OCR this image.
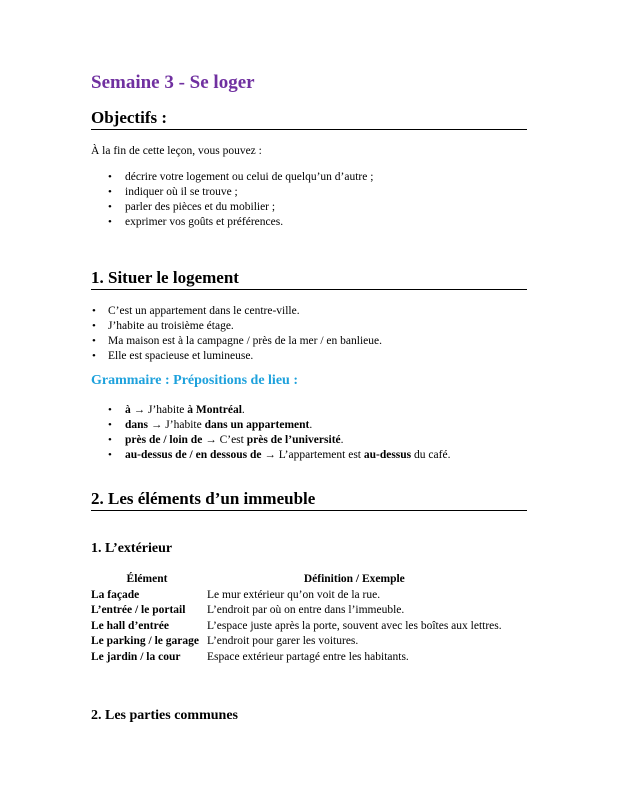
Semaine 3 - Se loger
Objectifs :

À la fin de cette leçon, vous pouvez :

• décrire votre logement ou celui de quelqu’un d’autre ;
• indiquer où il se trouve ;
• parler des pièces et du mobilier ;
• exprimer vos goûts et préférences.
1. Situer le logement
• C’est un appartement dans le centre-ville.
• J’habite au troisième étage.
• Ma maison est à la campagne / près de la mer / en banlieue.
• Elle est spacieuse et lumineuse.
Grammaire : Prépositions de lieu :
• à → J’habite à Montréal.
• dans → J’habite dans un appartement.
• près de / loin de → C’est près de l’université.
• au-dessus de / en dessous de → L’appartement est au-dessus du café.
2. Les éléments d’un immeuble
1. L’extérieur
Élément	Définition / Exemple
La façade	Le mur extérieur qu’on voit de la rue.
L’entrée / le portail	L’endroit par où on entre dans l’immeuble.
Le hall d’entrée	L’espace juste après la porte, souvent avec les boîtes aux lettres.
Le parking / le garage	L’endroit pour garer les voitures.
Le jardin / la cour	Espace extérieur partagé entre les habitants.
2. Les parties communes
